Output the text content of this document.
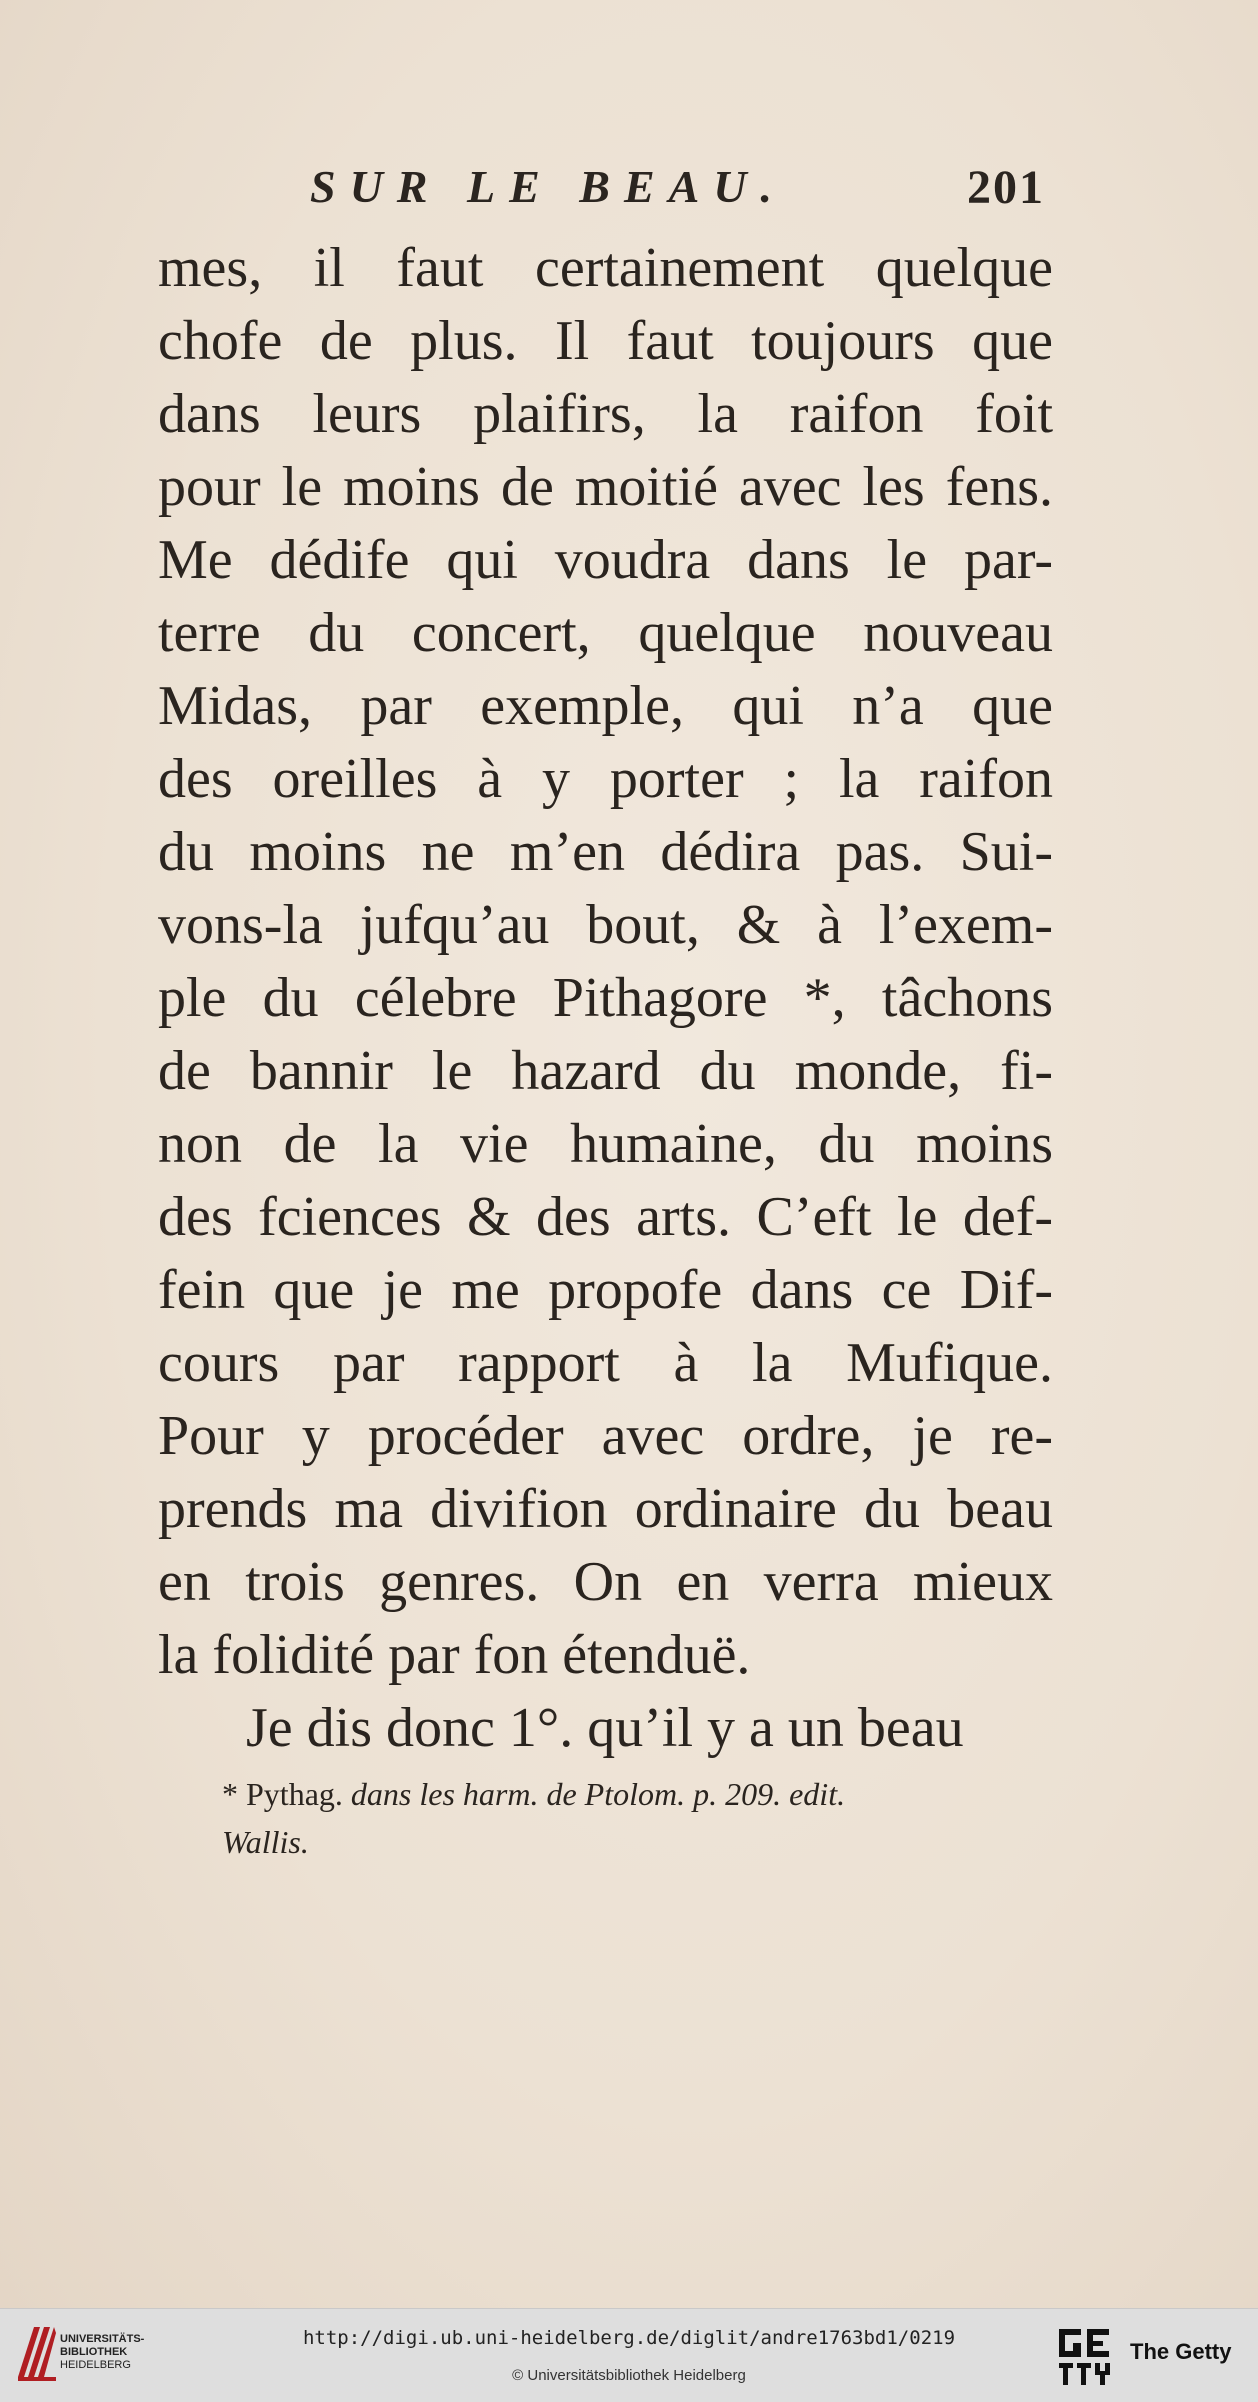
SUR LE BEAU.	201
mes, il faut certainement quelque
chofe de plus. Il faut toujours que
dans leurs plaifirs, la raifon foit
pour le moins de moitié avec les fens.
Me dédife qui voudra dans le par-
terre du concert, quelque nouveau
Midas, par exemple, qui n’a que
des oreilles à y porter ; la raifon
du moins ne m’en dédira pas. Sui-
vons-la jufqu’au bout, & à l’exem-
ple du célebre Pithagore *, tâchons
de bannir le hazard du monde, fi-
non de la vie humaine, du moins
des fciences & des arts. C’eft le def-
fein que je me propofe dans ce Dif-
cours par rapport à la Mufique.
Pour y procéder avec ordre, je re-
prends ma divifion ordinaire du beau
en trois genres. On en verra mieux
la folidité par fon étenduë.
Je dis donc 1°. qu’il y a un beau
* Pythag. dans les harm. de Ptolom. p. 209. edit.
Wallis.
UNIVERSITÄTS-
BIBLIOTHEK
HEIDELBERG
http://digi.ub.uni-heidelberg.de/diglit/andre1763bd1/0219
© Universitätsbibliothek Heidelberg
The Getty
